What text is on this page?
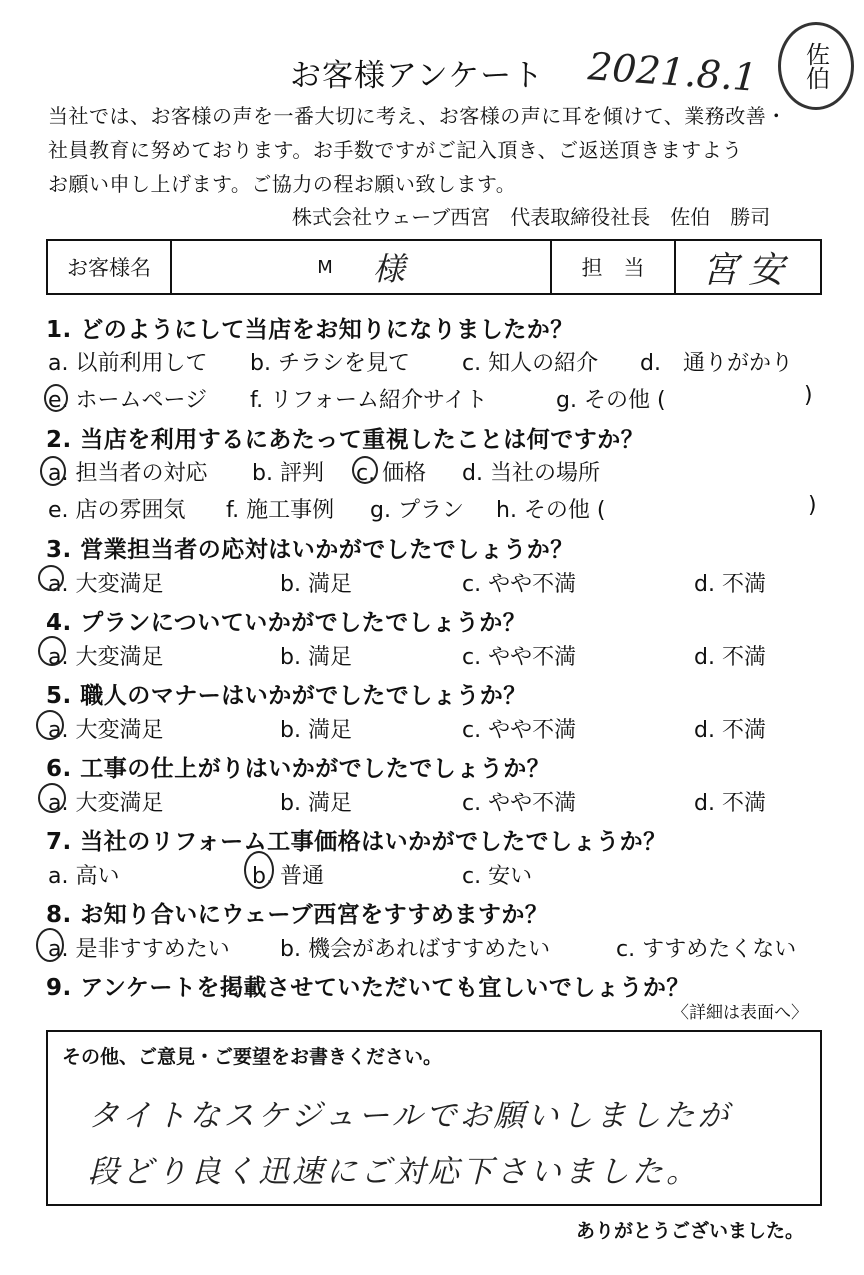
お客様アンケート 2021.8.1 佐伯
当社では、お客様の声を一番大切に考え、お客様の声に耳を傾けて、業務改善・
社員教育に努めております。お手数ですがご記入頂き、ご返送頂きますよう
お願い申し上げます。ご協力の程お願い致します。
株式会社ウェーブ西宮　代表取締役社長　佐伯　勝司
お客様名	M 様	担　当	宮安
1. どのようにして当店をお知りになりましたか？
a. 以前利用して b. チラシを見て c. 知人の紹介 d.　通りがかり
e. ホームページ f. リフォーム紹介サイト	g. その他 (	)
2. 当店を利用するにあたって重視したことは何ですか？
a. 担当者の対応 b. 評判 c. 価格 d. 当社の場所
e. 店の雰囲気 f. 施工事例 g. プラン h. その他 (	)
3. 営業担当者の応対はいかがでしたでしょうか？
a. 大変満足	b. 満足	c. やや不満	d. 不満
4. プランについていかがでしたでしょうか？
a. 大変満足	b. 満足	c. やや不満	d. 不満
5. 職人のマナーはいかがでしたでしょうか？
a. 大変満足	b. 満足	c. やや不満	d. 不満
6. 工事の仕上がりはいかがでしたでしょうか？
a. 大変満足	b. 満足	c. やや不満	d. 不満
7. 当社のリフォーム工事価格はいかがでしたでしょうか？
a. 高い	b. 普通	c. 安い
8. お知り合いにウェーブ西宮をすすめますか？
a. 是非すすめたい b. 機会があればすすめたい	c. すすめたくない
9. アンケートを掲載させていただいても宜しいでしょうか？
〈詳細は表面へ〉
その他、ご意見・ご要望をお書きください。
タイトなスケジュールでお願いしましたが
段どり良く迅速にご対応下さいました。
ありがとうございました。
